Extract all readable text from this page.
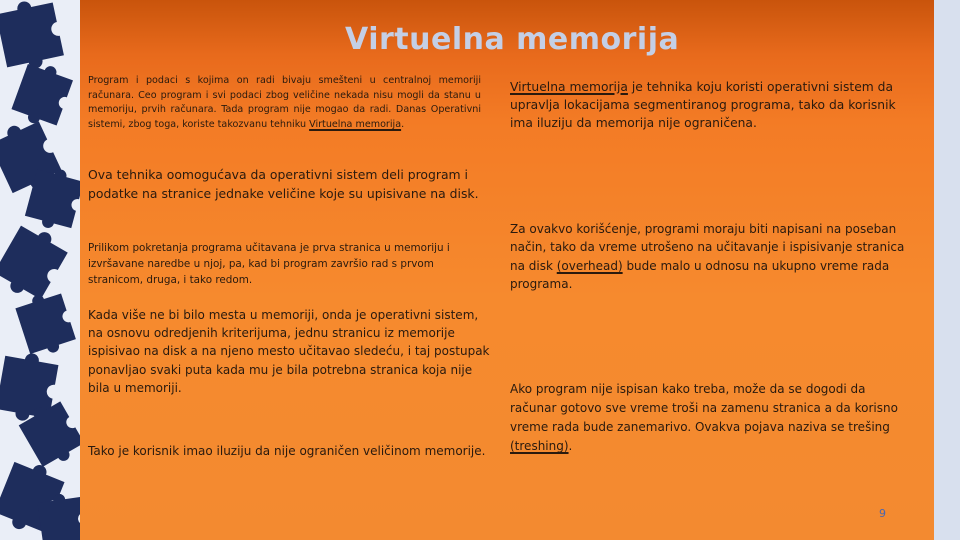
Virtuelna memorija

Program i podaci s kojima on radi bivaju smešteni u centralnoj memoriji računara. Ceo program i svi podaci zbog veličine nekada nisu mogli da stanu u memoriju, prvih računara. Tada program nije mogao da radi. Danas Operativni sistemi, zbog toga, koriste takozvanu tehniku Virtuelna memorija.

Ova tehnika oomogućava da operativni sistem deli program i podatke na stranice jednake veličine koje su upisivane na disk.

Prilikom pokretanja programa učitavana je prva stranica u memoriju i izvršavane naredbe u njoj, pa, kad bi program završio rad s prvom stranicom, druga, i tako redom.

Kada više ne bi bilo mesta u memoriji, onda je operativni sistem, na osnovu odredjenih kriterijuma, jednu stranicu iz memorije ispisivao na disk a na njeno mesto učitavao sledeću, i taj postupak ponavljao svaki puta kada mu je bila potrebna stranica koja nije bila u memoriji.

Tako je korisnik imao iluziju da nije ograničen veličinom memorije.

Virtuelna memorija je tehnika koju koristi operativni sistem da upravlja lokacijama segmentiranog programa, tako da korisnik ima iluziju da memorija nije ograničena.

Za ovakvo korišćenje, programi moraju biti napisani na poseban način, tako da vreme utrošeno na učitavanje i ispisivanje stranica na disk (overhead) bude malo u odnosu na ukupno vreme rada programa.

Ako program nije ispisan kako treba, može da se dogodi da računar gotovo sve vreme troši na zamenu stranica a da korisno vreme rada bude zanemarivo. Ovakva pojava naziva se trešing (treshing).

9
